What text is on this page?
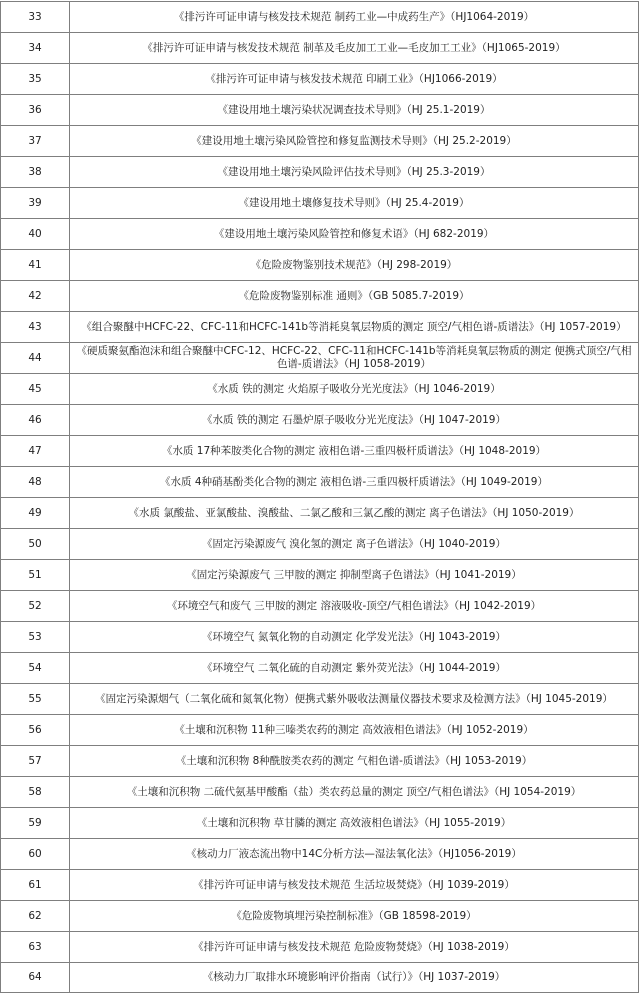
33	《排污许可证申请与核发技术规范 制药工业—中成药生产》（HJ1064-2019）
34	《排污许可证申请与核发技术规范 制革及毛皮加工工业—毛皮加工工业》（HJ1065-2019）
35	《排污许可证申请与核发技术规范 印刷工业》（HJ1066-2019）
36	《建设用地土壤污染状况调查技术导则》（HJ 25.1-2019）
37	《建设用地土壤污染风险管控和修复监测技术导则》（HJ 25.2-2019）
38	《建设用地土壤污染风险评估技术导则》（HJ 25.3-2019）
39	《建设用地土壤修复技术导则》（HJ 25.4-2019）
40	《建设用地土壤污染风险管控和修复术语》（HJ 682-2019）
41	《危险废物鉴别技术规范》（HJ 298-2019）
42	《危险废物鉴别标准 通则》（GB 5085.7-2019）
43	《组合聚醚中HCFC-22、CFC-11和HCFC-141b等消耗臭氧层物质的测定 顶空/气相色谱-质谱法》（HJ 1057-2019）
44	《硬质聚氨酯泡沫和组合聚醚中CFC-12、HCFC-22、CFC-11和HCFC-141b等消耗臭氧层物质的测定 便携式顶空/气相色谱-质谱法》（HJ 1058-2019）
45	《水质 铁的测定 火焰原子吸收分光光度法》（HJ 1046-2019）
46	《水质 铁的测定 石墨炉原子吸收分光光度法》（HJ 1047-2019）
47	《水质 17种苯胺类化合物的测定 液相色谱-三重四极杆质谱法》（HJ 1048-2019）
48	《水质 4种硝基酚类化合物的测定 液相色谱-三重四极杆质谱法》（HJ 1049-2019）
49	《水质 氯酸盐、亚氯酸盐、溴酸盐、二氯乙酸和三氯乙酸的测定 离子色谱法》（HJ 1050-2019）
50	《固定污染源废气 溴化氢的测定 离子色谱法》（HJ 1040-2019）
51	《固定污染源废气 三甲胺的测定 抑制型离子色谱法》（HJ 1041-2019）
52	《环境空气和废气 三甲胺的测定 溶液吸收-顶空/气相色谱法》（HJ 1042-2019）
53	《环境空气 氮氧化物的自动测定 化学发光法》（HJ 1043-2019）
54	《环境空气 二氧化硫的自动测定 紫外荧光法》（HJ 1044-2019）
55	《固定污染源烟气（二氧化硫和氮氧化物）便携式紫外吸收法测量仪器技术要求及检测方法》（HJ 1045-2019）
56	《土壤和沉积物 11种三嗪类农药的测定 高效液相色谱法》（HJ 1052-2019）
57	《土壤和沉积物 8种酰胺类农药的测定 气相色谱-质谱法》（HJ 1053-2019）
58	《土壤和沉积物 二硫代氨基甲酸酯（盐）类农药总量的测定 顶空/气相色谱法》（HJ 1054-2019）
59	《土壤和沉积物 草甘膦的测定 高效液相色谱法》（HJ 1055-2019）
60	《核动力厂液态流出物中14C分析方法—湿法氧化法》（HJ1056-2019）
61	《排污许可证申请与核发技术规范 生活垃圾焚烧》（HJ 1039-2019）
62	《危险废物填埋污染控制标准》（GB 18598-2019）
63	《排污许可证申请与核发技术规范 危险废物焚烧》（HJ 1038-2019）
64	《核动力厂取排水环境影响评价指南（试行）》（HJ 1037-2019）
